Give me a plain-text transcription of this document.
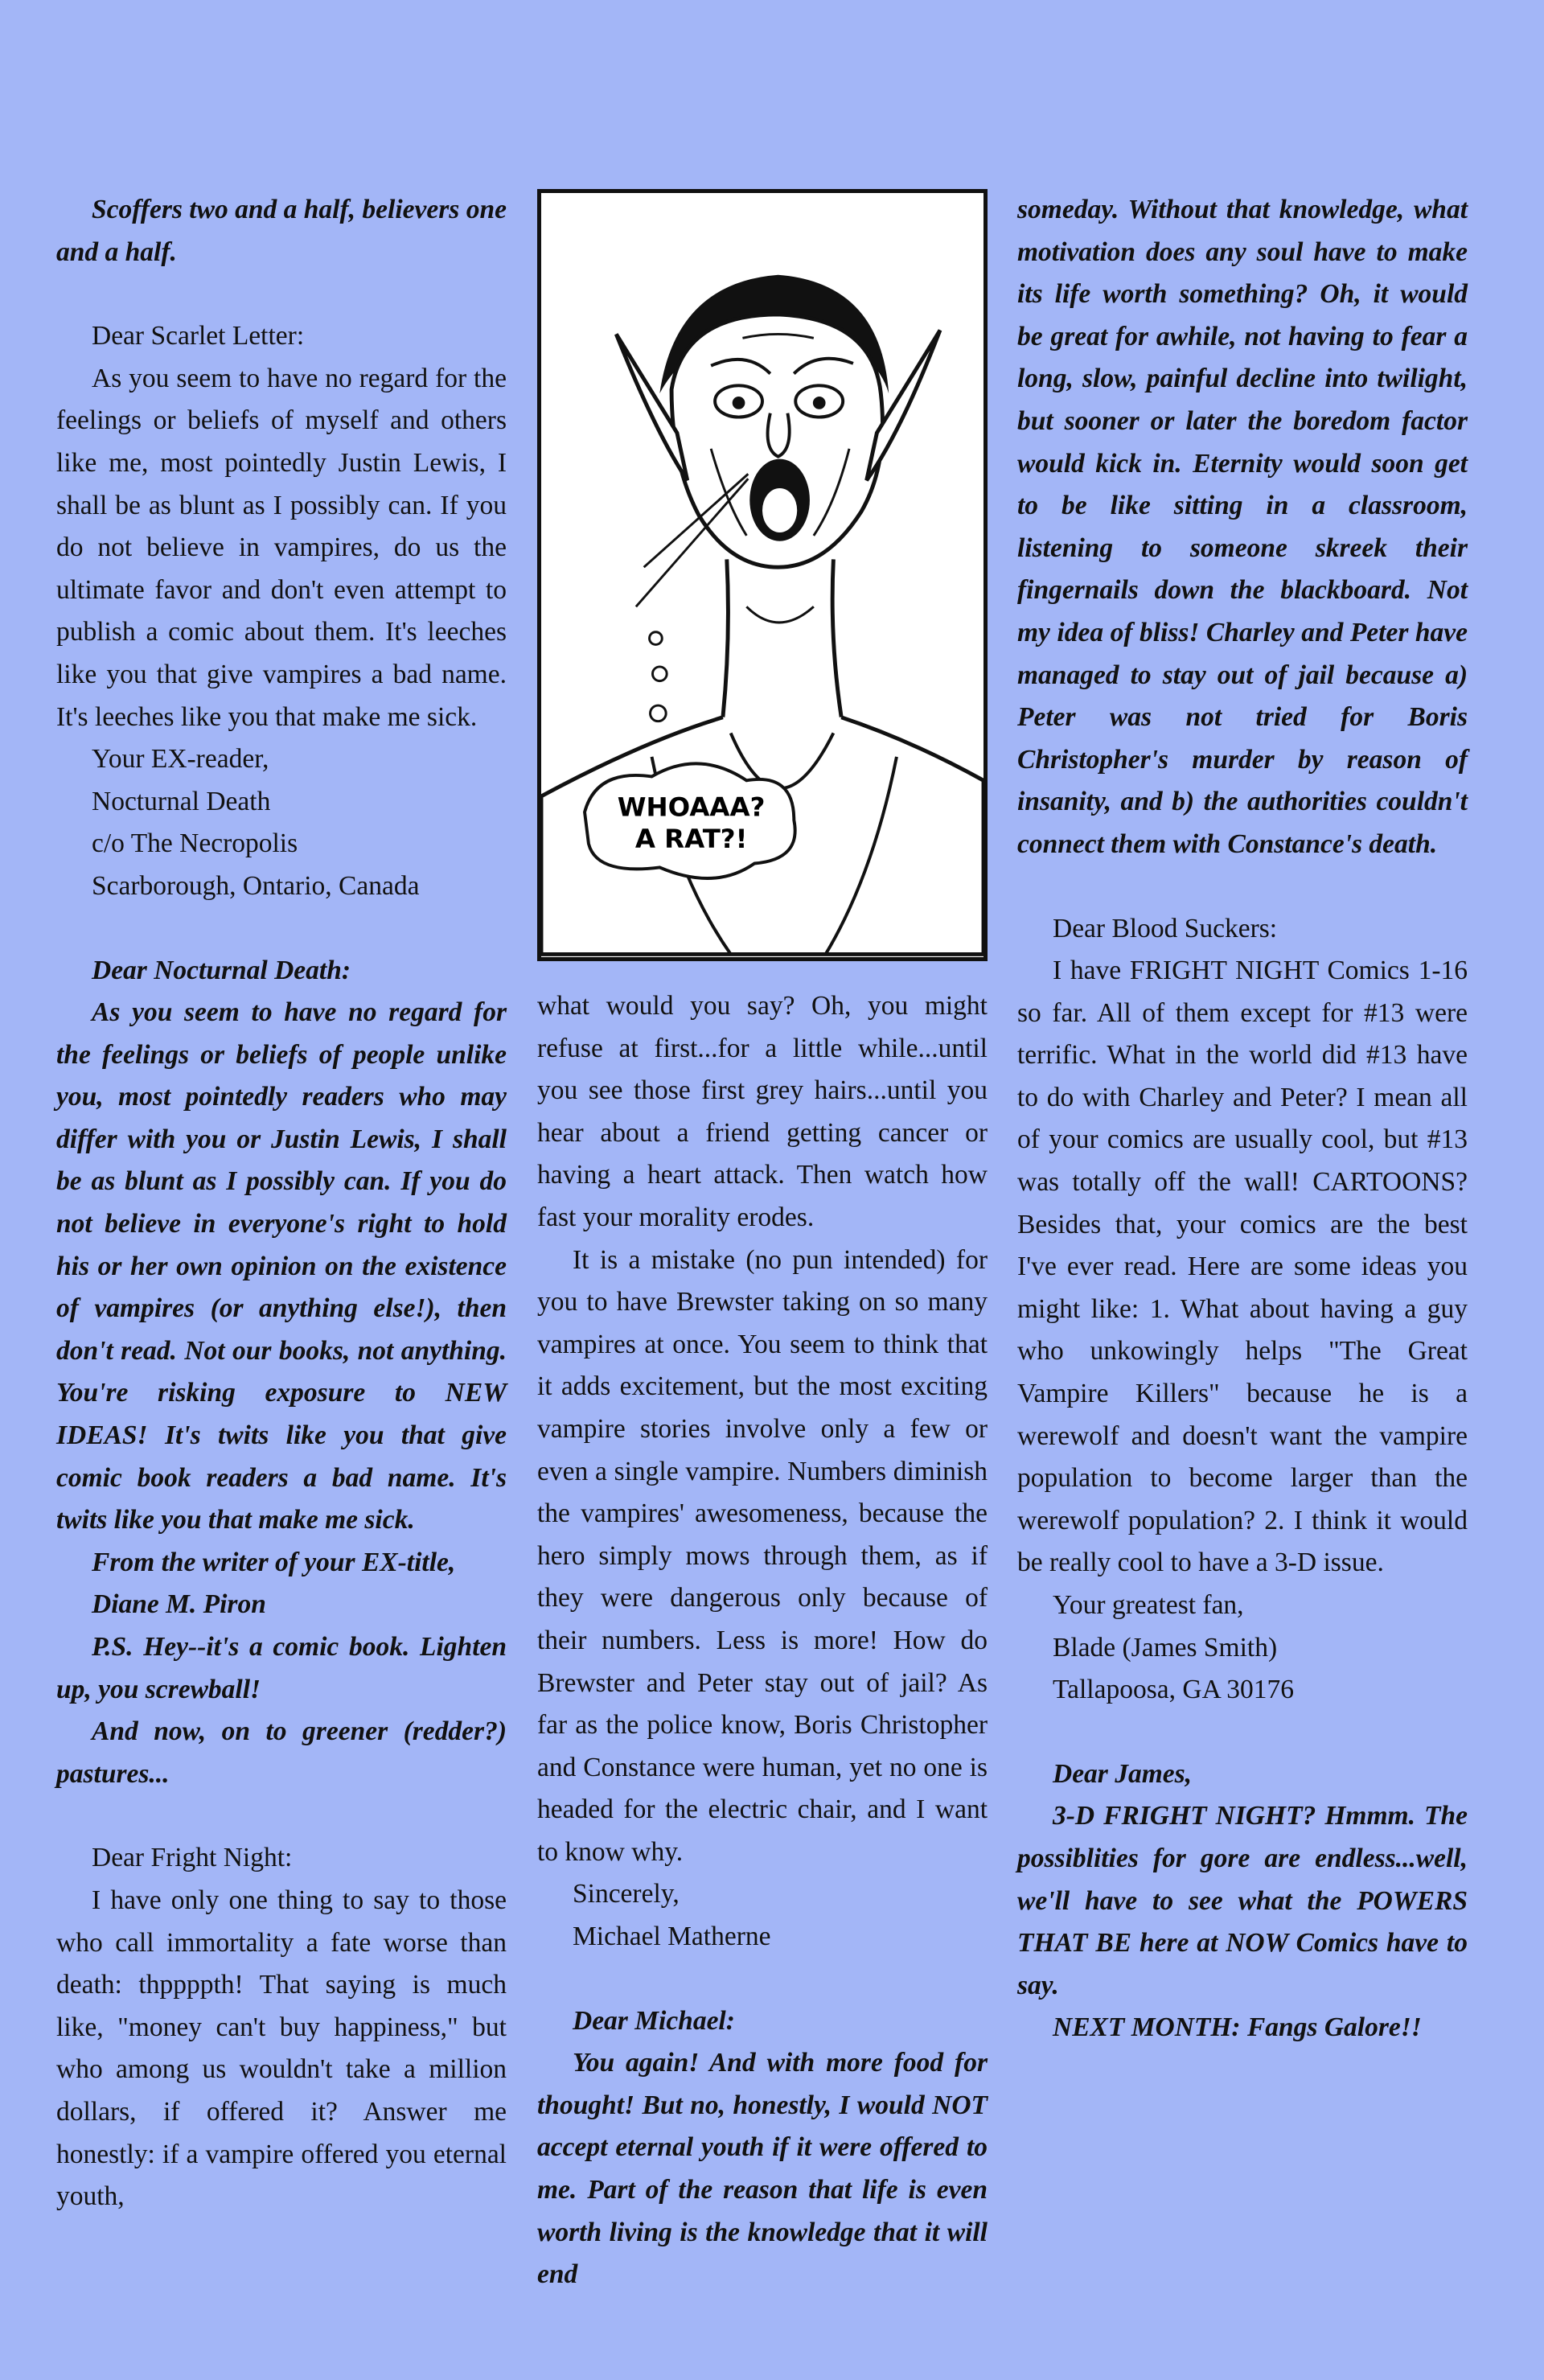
Scoffers two and a half, believers one and a half.

Dear Scarlet Letter:

As you seem to have no regard for the feelings or beliefs of myself and others like me, most pointedly Justin Lewis, I shall be as blunt as I possibly can. If you do not believe in vampires, do us the ultimate favor and don't even attempt to publish a comic about them. It's leeches like you that give vampires a bad name. It's leeches like you that make me sick.

Your EX-reader,

Nocturnal Death

c/o The Necropolis

Scarborough, Ontario, Canada

Dear Nocturnal Death:

As you seem to have no regard for the feelings or beliefs of people unlike you, most pointedly readers who may differ with you or Justin Lewis, I shall be as blunt as I possibly can. If you do not believe in everyone's right to hold his or her own opinion on the existence of vampires (or anything else!), then don't read. Not our books, not anything. You're risking exposure to NEW IDEAS! It's twits like you that give comic book readers a bad name. It's twits like you that make me sick.

From the writer of your EX-title,

Diane M. Piron

P.S. Hey--it's a comic book. Lighten up, you screwball!

And now, on to greener (redder?) pastures...

Dear Fright Night:

I have only one thing to say to those who call immortality a fate worse than death: thppppth! That saying is much like, "money can't buy happiness," but who among us wouldn't take a million dollars, if offered it? Answer me honestly: if a vampire offered you eternal youth,

WHOAAA?
A RAT?!

what would you say? Oh, you might refuse at first...for a little while...until you see those first grey hairs...until you hear about a friend getting cancer or having a heart attack. Then watch how fast your morality erodes.

It is a mistake (no pun intended) for you to have Brewster taking on so many vampires at once. You seem to think that it adds excitement, but the most exciting vampire stories involve only a few or even a single vampire. Numbers diminish the vampires' awesomeness, because the hero simply mows through them, as if they were dangerous only because of their numbers. Less is more! How do Brewster and Peter stay out of jail? As far as the police know, Boris Christopher and Constance were human, yet no one is headed for the electric chair, and I want to know why.

Sincerely,

Michael Matherne

Dear Michael:

You again! And with more food for thought! But no, honestly, I would NOT accept eternal youth if it were offered to me. Part of the reason that life is even worth living is the knowledge that it will end

someday. Without that knowledge, what motivation does any soul have to make its life worth something? Oh, it would be great for awhile, not having to fear a long, slow, painful decline into twilight, but sooner or later the boredom factor would kick in. Eternity would soon get to be like sitting in a classroom, listening to someone skreek their fingernails down the blackboard. Not my idea of bliss! Charley and Peter have managed to stay out of jail because a) Peter was not tried for Boris Christopher's murder by reason of insanity, and b) the authorities couldn't connect them with Constance's death.

Dear Blood Suckers:

I have FRIGHT NIGHT Comics 1-16 so far. All of them except for #13 were terrific. What in the world did #13 have to do with Charley and Peter? I mean all of your comics are usually cool, but #13 was totally off the wall! CARTOONS? Besides that, your comics are the best I've ever read. Here are some ideas you might like: 1. What about having a guy who unkowingly helps "The Great Vampire Killers" because he is a werewolf and doesn't want the vampire population to become larger than the werewolf population? 2. I think it would be really cool to have a 3-D issue.

Your greatest fan,

Blade (James Smith)

Tallapoosa, GA 30176

Dear James,

3-D FRIGHT NIGHT? Hmmm. The possiblities for gore are endless...well, we'll have to see what the POWERS THAT BE here at NOW Comics have to say.

NEXT MONTH: Fangs Galore!!
